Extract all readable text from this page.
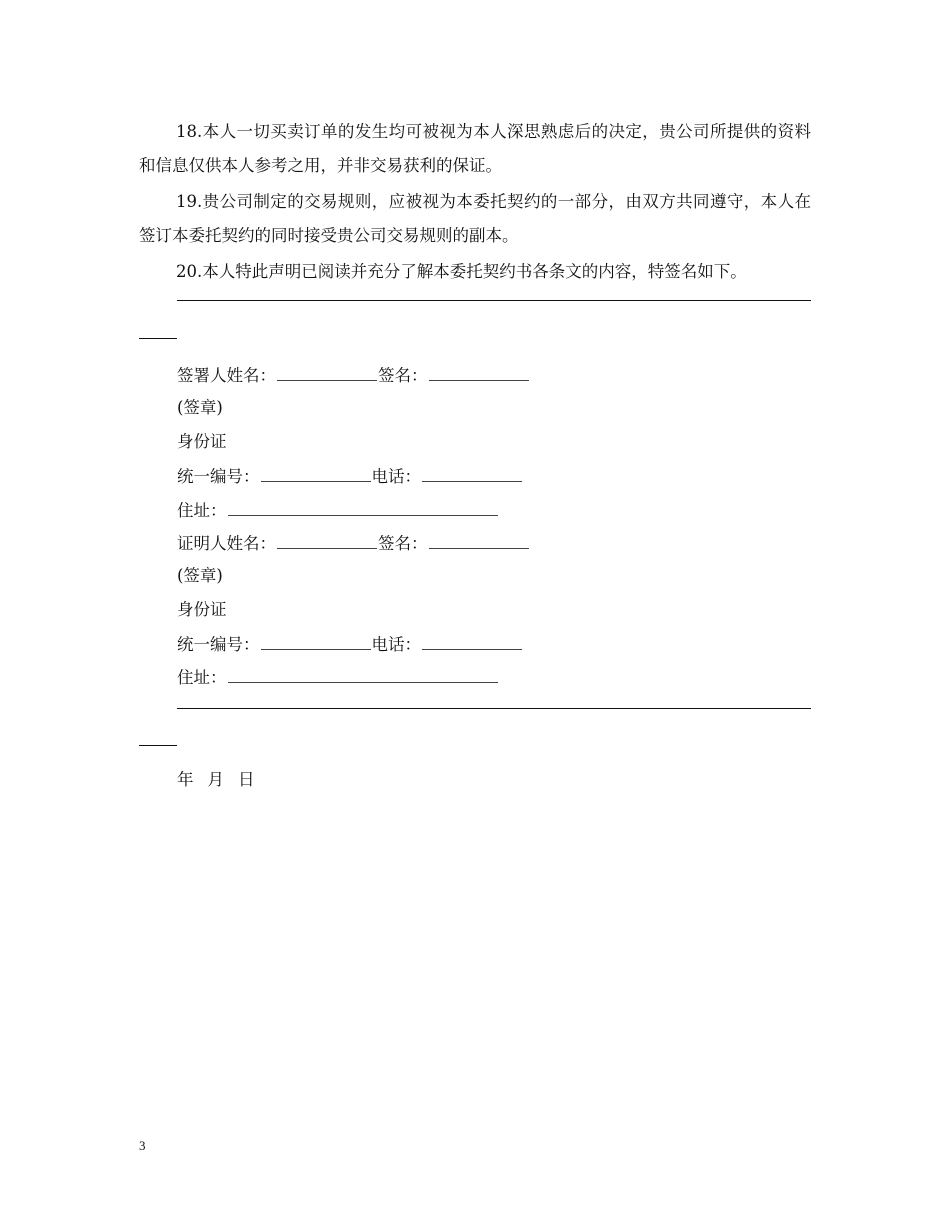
18.本人一切买卖订单的发生均可被视为本人深思熟虑后的决定，贵公司所提供的资料和信息仅供本人参考之用，并非交易获利的保证。

19.贵公司制定的交易规则，应被视为本委托契约的一部分，由双方共同遵守，本人在签订本委托契约的同时接受贵公司交易规则的副本。

20.本人特此声明已阅读并充分了解本委托契约书各条文的内容，特签名如下。

签署人姓名：	签名：
(签章)
身份证
统一编号：	电话：
住址：
证明人姓名：	签名：
(签章)
身份证
统一编号：	电话：
住址：
年 月 日
3
